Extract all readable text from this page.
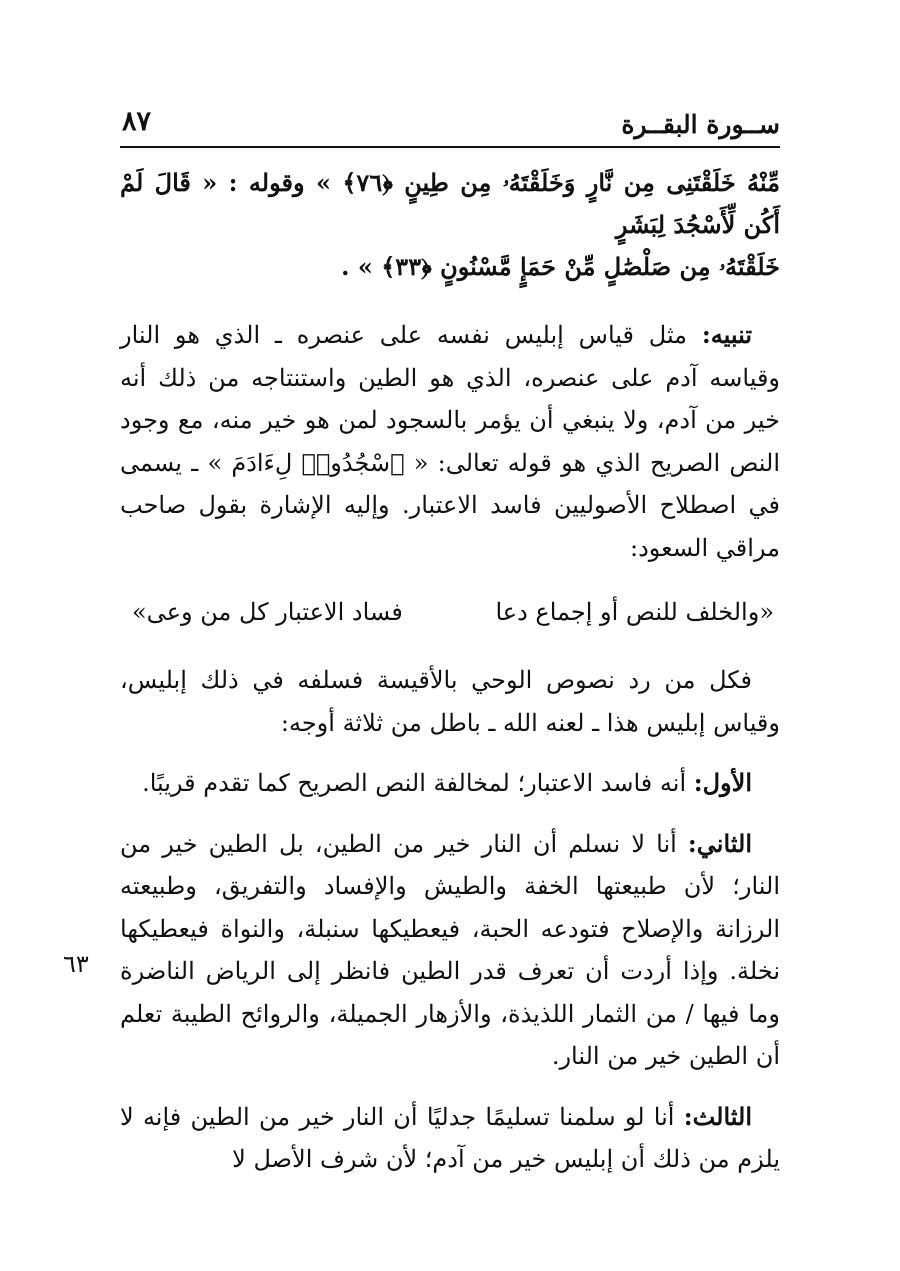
ســورة البقــرة
٨٧
مِّنْهُ خَلَقْتَنِى مِن نَّارٍ وَخَلَقْتَهُۥ مِن طِينٍ ﴿٧٦﴾ » وقوله : « قَالَ لَمْ أَكُن لِّأَسْجُدَ لِبَشَرٍ
خَلَقْتَهُۥ مِن صَلْصَٰلٍ مِّنْ حَمَإٍ مَّسْنُونٍ ﴿٣٣﴾ » .

تنبيه: مثل قياس إبليس نفسه على عنصره ـ الذي هو النار وقياسه آدم على عنصره، الذي هو الطين واستنتاجه من ذلك أنه خير من آدم، ولا ينبغي أن يؤمر بالسجود لمن هو خير منه، مع وجود النص الصريح الذي هو قوله تعالى: « ٱسْجُدُوا۟ لِءَادَمَ » ـ يسمى في اصطلاح الأصوليين فاسد الاعتبار. وإليه الإشارة بقول صاحب مراقي السعود:

«والخلف للنص أو إجماع دعا
فساد الاعتبار كل من وعى»

فكل من رد نصوص الوحي بالأقيسة فسلفه في ذلك إبليس، وقياس إبليس هذا ـ لعنه الله ـ باطل من ثلاثة أوجه:

الأول: أنه فاسد الاعتبار؛ لمخالفة النص الصريح كما تقدم قريبًا.

الثاني: أنا لا نسلم أن النار خير من الطين، بل الطين خير من النار؛ لأن طبيعتها الخفة والطيش والإفساد والتفريق، وطبيعته الرزانة والإصلاح فتودعه الحبة، فيعطيكها سنبلة، والنواة فيعطيكها نخلة. وإذا أردت أن تعرف قدر الطين فانظر إلى الرياض الناضرة وما فيها / من الثمار اللذيذة، والأزهار الجميلة، والروائح الطيبة تعلم أن الطين خير من النار.

الثالث: أنا لو سلمنا تسليمًا جدليًا أن النار خير من الطين فإنه لا يلزم من ذلك أن إبليس خير من آدم؛ لأن شرف الأصل لا

٦٣
